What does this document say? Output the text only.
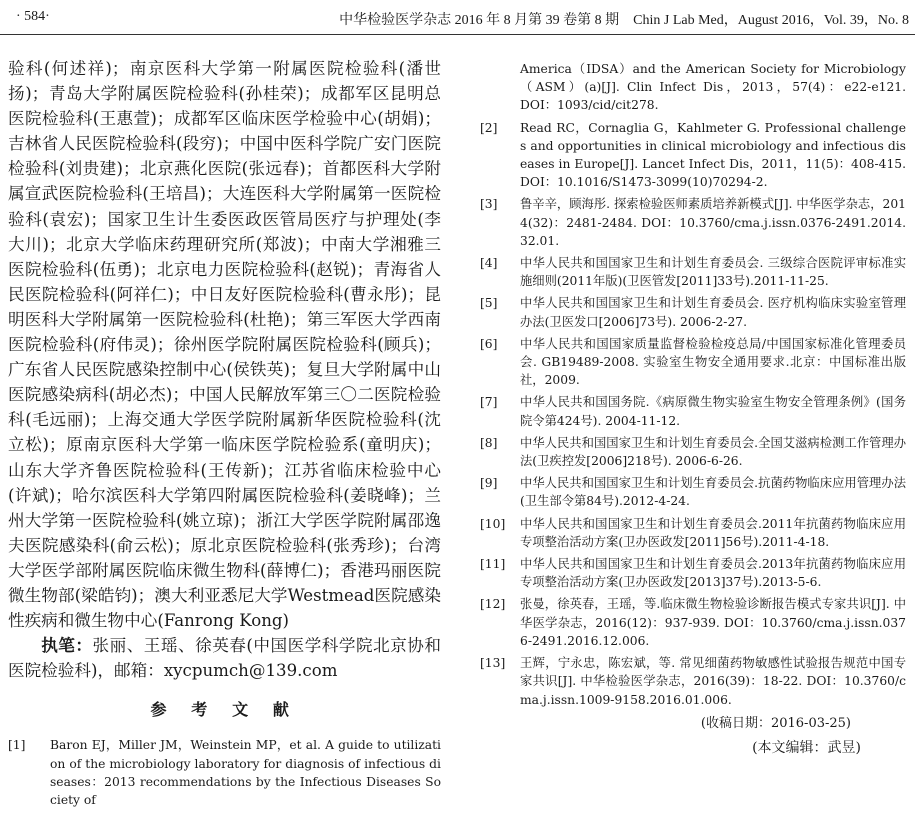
· 584·	中华检验医学杂志 2016 年 8 月第 39 卷第 8 期　Chin J Lab Med，August 2016，Vol. 39，No. 8

验科(何述祥)；南京医科大学第一附属医院检验科(潘世扬)；青岛大学附属医院检验科(孙桂荣)；成都军区昆明总医院检验科(王惠萱)；成都军区临床医学检验中心(胡娟)；吉林省人民医院检验科(段穷)；中国中医科学院广安门医院检验科(刘贵建)；北京燕化医院(张远春)；首都医科大学附属宣武医院检验科(王培昌)；大连医科大学附属第一医院检验科(袁宏)；国家卫生计生委医政医管局医疗与护理处(李大川)；北京大学临床药理研究所(郑波)；中南大学湘雅三医院检验科(伍勇)；北京电力医院检验科(赵锐)；青海省人民医院检验科(阿祥仁)；中日友好医院检验科(曹永彤)；昆明医科大学附属第一医院检验科(杜艳)；第三军医大学西南医院检验科(府伟灵)；徐州医学院附属医院检验科(顾兵)；广东省人民医院感染控制中心(侯铁英)；复旦大学附属中山医院感染病科(胡必杰)；中国人民解放军第三〇二医院检验科(毛远丽)；上海交通大学医学院附属新华医院检验科(沈立松)；原南京医科大学第一临床医学院检验系(童明庆)；山东大学齐鲁医院检验科(王传新)；江苏省临床检验中心(许斌)；哈尔滨医科大学第四附属医院检验科(姜晓峰)；兰州大学第一医院检验科(姚立琼)；浙江大学医学院附属邵逸夫医院感染科(俞云松)；原北京医院检验科(张秀珍)；台湾大学医学部附属医院临床微生物科(薛博仁)；香港玛丽医院微生物部(梁皓钧)；澳大利亚悉尼大学Westmead医院感染性疾病和微生物中心(Fanrong Kong)

执笔：张丽、王瑶、徐英春(中国医学科学院北京协和医院检验科)，邮箱：xycpumch@139.com

参 考 文 献
[1]	Baron EJ，Miller JM，Weinstein MP，et al. A guide to utilization of the microbiology laboratory for diagnosis of infectious diseases：2013 recommendations by the Infectious Diseases Society of
America（IDSA）and the American Society for Microbiology（ASM）(a)[J]. Clin Infect Dis，2013，57(4)：e22-e121. DOI：1093/cid/cit278.
[2]	Read RC，Cornaglia G，Kahlmeter G. Professional challenges and opportunities in clinical microbiology and infectious diseases in Europe[J]. Lancet Infect Dis，2011，11(5)：408-415. DOI：10.1016/S1473-3099(10)70294-2.
[3]	鲁辛辛，顾海彤. 探索检验医师素质培养新模式[J]. 中华医学杂志，2014(32)：2481-2484. DOI：10.3760/cma.j.issn.0376-2491.2014.32.01.
[4]	中华人民共和国国家卫生和计划生育委员会. 三级综合医院评审标准实施细则(2011年版)(卫医管发[2011]33号).2011-11-25.
[5]	中华人民共和国国家卫生和计划生育委员会. 医疗机构临床实验室管理办法(卫医发口[2006]73号). 2006-2-27.
[6]	中华人民共和国国家质量监督检验检疫总局/中国国家标准化管理委员会. GB19489-2008. 实验室生物安全通用要求.北京：中国标准出版社，2009.
[7]	中华人民共和国国务院.《病原微生物实验室生物安全管理条例》(国务院令第424号). 2004-11-12.
[8]	中华人民共和国国家卫生和计划生育委员会.全国艾滋病检测工作管理办法(卫疾控发[2006]218号). 2006-6-26.
[9]	中华人民共和国国家卫生和计划生育委员会.抗菌药物临床应用管理办法(卫生部令第84号).2012-4-24.
[10]	中华人民共和国国家卫生和计划生育委员会.2011年抗菌药物临床应用专项整治活动方案(卫办医政发[2011]56号).2011-4-18.
[11]	中华人民共和国国家卫生和计划生育委员会.2013年抗菌药物临床应用专项整治活动方案(卫办医政发[2013]37号).2013-5-6.
[12]	张曼，徐英春，王瑶，等.临床微生物检验诊断报告模式专家共识[J]. 中华医学杂志，2016(12)：937-939. DOI：10.3760/cma.j.issn.0376-2491.2016.12.006.
[13]	王辉，宁永忠，陈宏斌，等. 常见细菌药物敏感性试验报告规范中国专家共识[J]. 中华检验医学杂志，2016(39)：18-22. DOI：10.3760/cma.j.issn.1009-9158.2016.01.006.
(收稿日期：2016-03-25)
(本文编辑：武昱)
